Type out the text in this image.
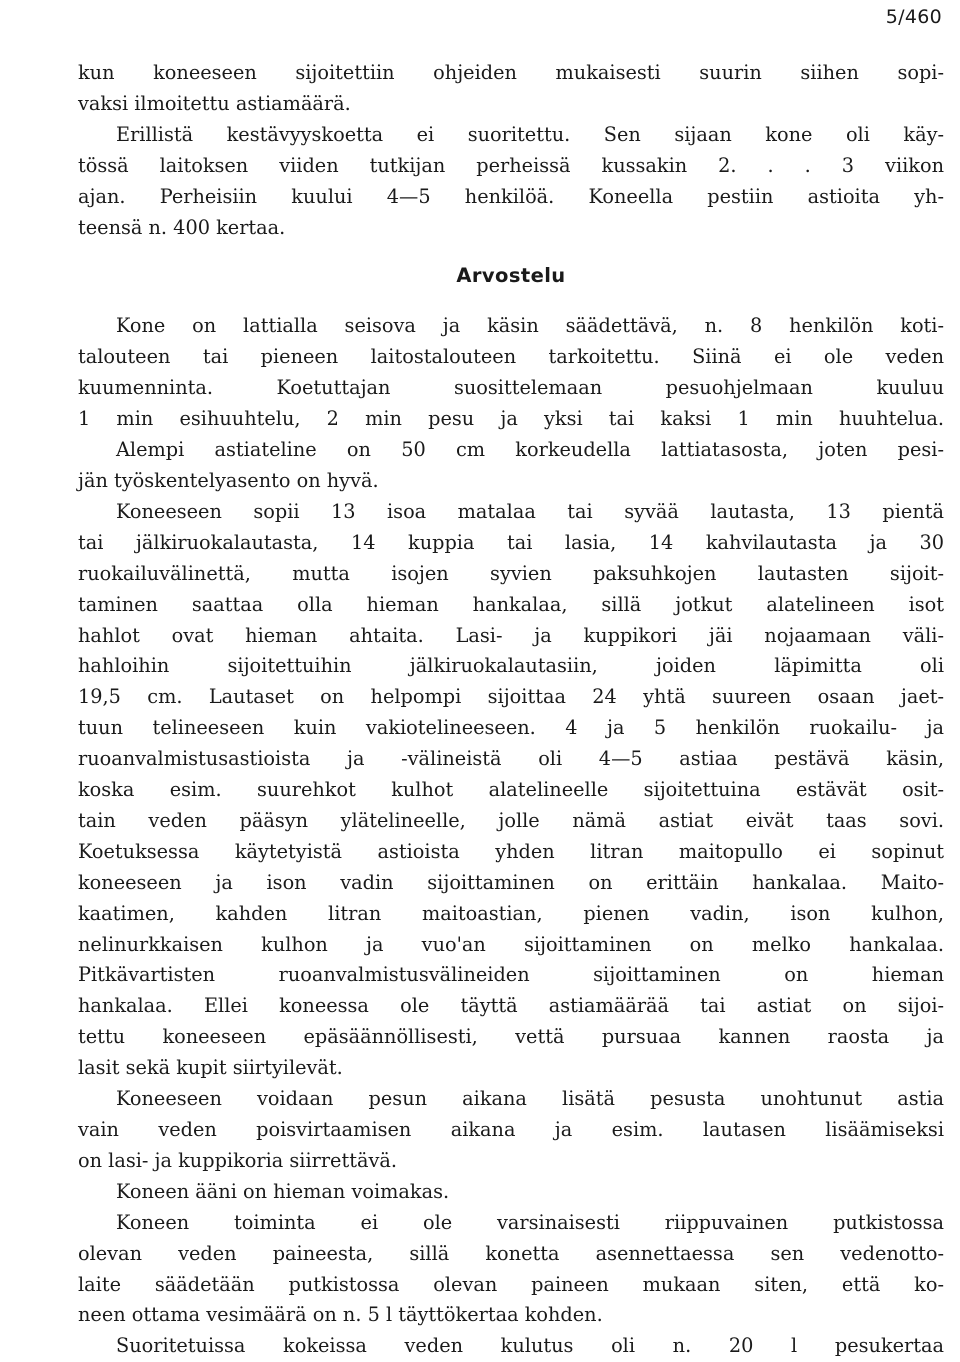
5/460

kun koneeseen sijoitettiin ohjeiden mukaisesti suurin siihen sopi-

vaksi ilmoitettu astiamäärä.

Erillistä kestävyyskoetta ei suoritettu. Sen sijaan kone oli käy-

tössä laitoksen viiden tutkijan perheissä kussakin 2. . . 3 viikon

ajan. Perheisiin kuului 4—5 henkilöä. Koneella pestiin astioita yh-

teensä n. 400 kertaa.

Arvostelu

Kone on lattialla seisova ja käsin säädettävä, n. 8 henkilön koti-

talouteen tai pieneen laitostalouteen tarkoitettu. Siinä ei ole veden

kuumenninta. Koetuttajan suosittelemaan pesuohjelmaan kuuluu

1 min esihuuhtelu, 2 min pesu ja yksi tai kaksi 1 min huuhtelua.

Alempi astiateline on 50 cm korkeudella lattiatasosta, joten pesi-

jän työskentelyasento on hyvä.

Koneeseen sopii 13 isoa matalaa tai syvää lautasta, 13 pientä

tai jälkiruokalautasta, 14 kuppia tai lasia, 14 kahvilautasta ja 30

ruokailuvälinettä, mutta isojen syvien paksuhkojen lautasten sijoit-

taminen saattaa olla hieman hankalaa, sillä jotkut alatelineen isot

hahlot ovat hieman ahtaita. Lasi- ja kuppikori jäi nojaamaan väli-

hahloihin sijoitettuihin jälkiruokalautasiin, joiden läpimitta oli

19,5 cm. Lautaset on helpompi sijoittaa 24 yhtä suureen osaan jaet-

tuun telineeseen kuin vakiotelineeseen. 4 ja 5 henkilön ruokailu- ja

ruoanvalmistusastioista ja -välineistä oli 4—5 astiaa pestävä käsin,

koska esim. suurehkot kulhot alatelineelle sijoitettuina estävät osit-

tain veden pääsyn ylätelineelle, jolle nämä astiat eivät taas sovi.

Koetuksessa käytetyistä astioista yhden litran maitopullo ei sopinut

koneeseen ja ison vadin sijoittaminen on erittäin hankalaa. Maito-

kaatimen, kahden litran maitoastian, pienen vadin, ison kulhon,

nelinurkkaisen kulhon ja vuo'an sijoittaminen on melko hankalaa.

Pitkävartisten ruoanvalmistusvälineiden sijoittaminen on hieman

hankalaa. Ellei koneessa ole täyttä astiamäärää tai astiat on sijoi-

tettu koneeseen epäsäännöllisesti, vettä pursuaa kannen raosta ja

lasit sekä kupit siirtyilevät.

Koneeseen voidaan pesun aikana lisätä pesusta unohtunut astia

vain veden poisvirtaamisen aikana ja esim. lautasen lisäämiseksi

on lasi- ja kuppikoria siirrettävä.

Koneen ääni on hieman voimakas.

Koneen toiminta ei ole varsinaisesti riippuvainen putkistossa

olevan veden paineesta, sillä konetta asennettaessa sen vedenotto-

laite säädetään putkistossa olevan paineen mukaan siten, että ko-

neen ottama vesimäärä on n. 5 l täyttökertaa kohden.

Suoritetuissa kokeissa veden kulutus oli n. 20 l pesukertaa
